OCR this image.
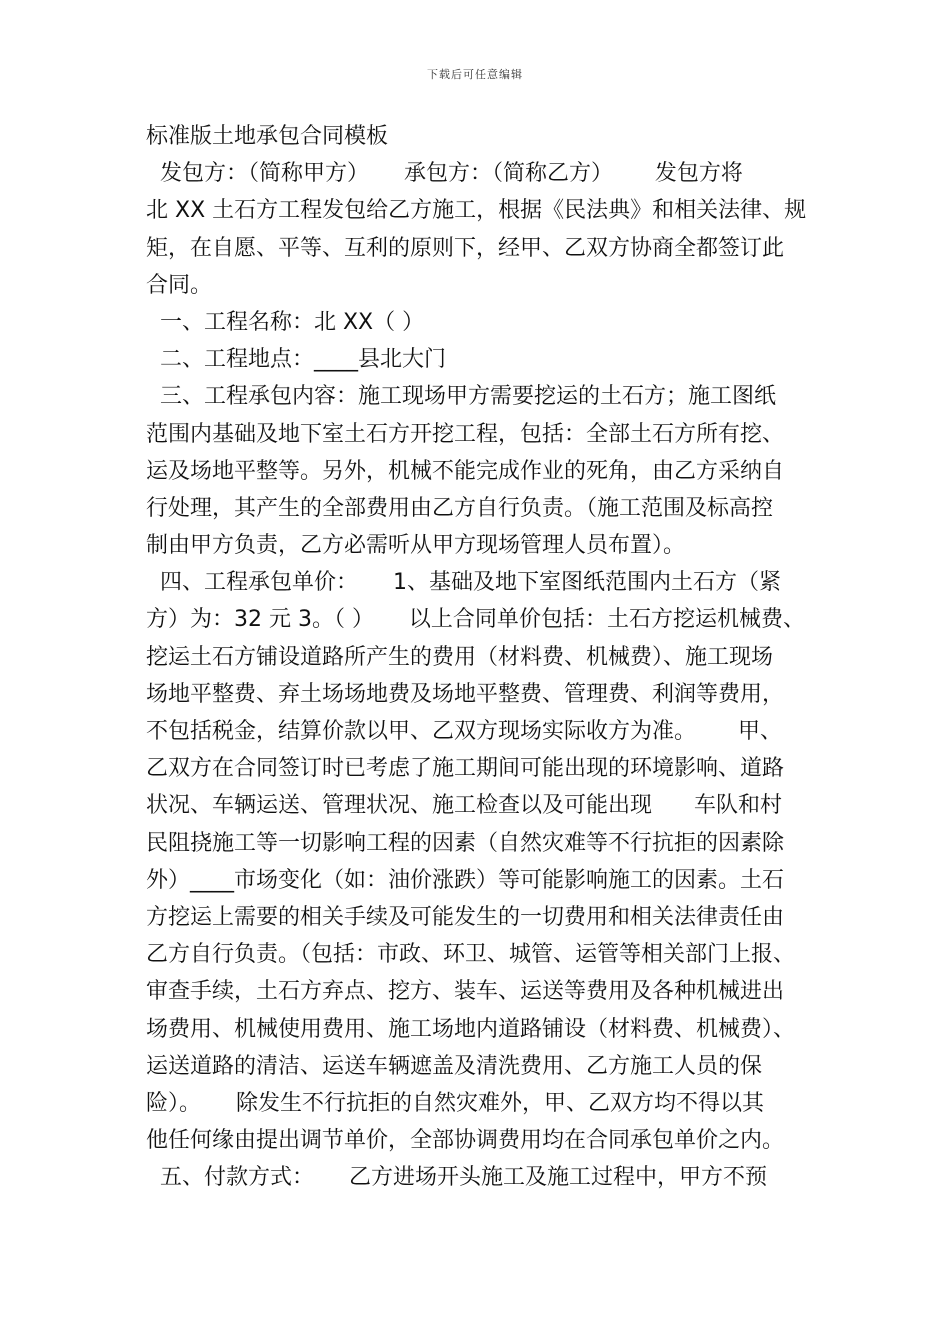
下载后可任意编辑
标准版土地承包合同模板
发包方：（简称甲方）     承包方：（简称乙方）      发包方将
北 XX 土石方工程发包给乙方施工，根据《民法典》和相关法律、规
矩，在自愿、平等、互利的原则下，经甲、乙双方协商全都签订此
合同。
一、工程名称：北 XX（ ）
二、工程地点：____县北大门
三、工程承包内容：施工现场甲方需要挖运的土石方；施工图纸
范围内基础及地下室土石方开挖工程，包括：全部土石方所有挖、
运及场地平整等。另外，机械不能完成作业的死角，由乙方采纳自
行处理，其产生的全部费用由乙方自行负责。（施工范围及标高控
制由甲方负责，乙方必需听从甲方现场管理人员布置）。
四、工程承包单价：     1、基础及地下室图纸范围内土石方（紧
方）为：32 元 3。（ ）     以上合同单价包括：土石方挖运机械费、
挖运土石方铺设道路所产生的费用（材料费、机械费）、施工现场
场地平整费、弃土场场地费及场地平整费、管理费、利润等费用，
不包括税金，结算价款以甲、乙双方现场实际收方为准。      甲、
乙双方在合同签订时已考虑了施工期间可能出现的环境影响、道路
状况、车辆运送、管理状况、施工检查以及可能出现      车队和村
民阻挠施工等一切影响工程的因素（自然灾难等不行抗拒的因素除
外）____市场变化（如：油价涨跌）等可能影响施工的因素。土石
方挖运上需要的相关手续及可能发生的一切费用和相关法律责任由
乙方自行负责。（包括：市政、环卫、城管、运管等相关部门上报、
审查手续，土石方弃点、挖方、装车、运送等费用及各种机械进出
场费用、机械使用费用、施工场地内道路铺设（材料费、机械费）、
运送道路的清洁、运送车辆遮盖及清洗费用、乙方施工人员的保
险）。     除发生不行抗拒的自然灾难外，甲、乙双方均不得以其
他任何缘由提出调节单价，全部协调费用均在合同承包单价之内。
五、付款方式：     乙方进场开头施工及施工过程中，甲方不预
